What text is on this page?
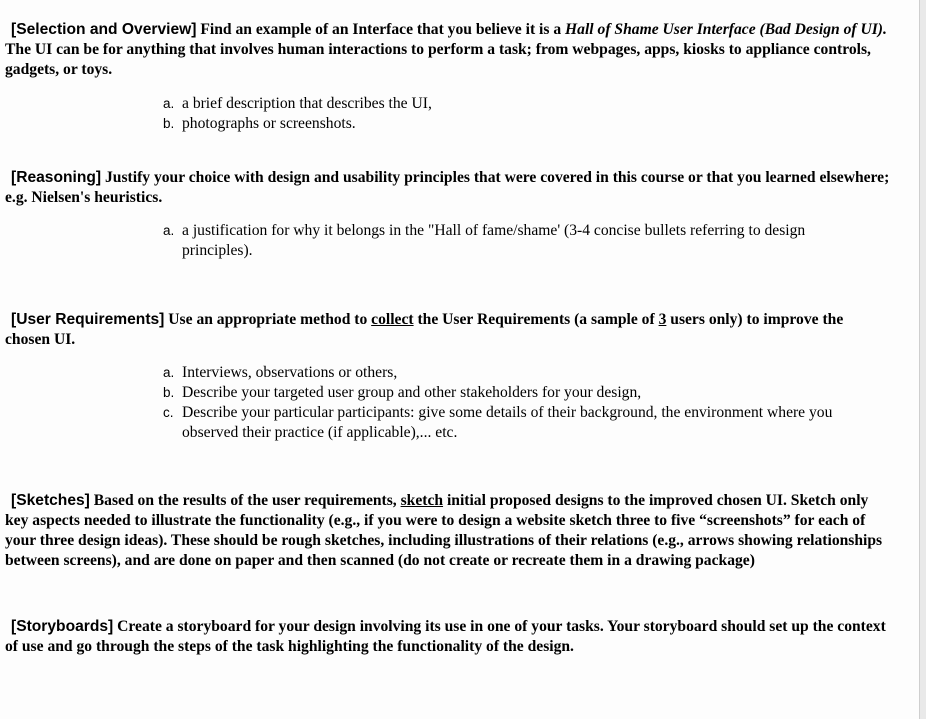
[Selection and Overview] Find an example of an Interface that you believe it is a Hall of Shame User Interface (Bad Design of UI). The UI can be for anything that involves human interactions to perform a task; from webpages, apps, kiosks to appliance controls, gadgets, or toys.
a. a brief description that describes the UI,
b. photographs or screenshots.
[Reasoning] Justify your choice with design and usability principles that were covered in this course or that you learned elsewhere; e.g. Nielsen's heuristics.
a. a justification for why it belongs in the "Hall of fame/shame' (3-4 concise bullets referring to design principles).
[User Requirements] Use an appropriate method to collect the User Requirements (a sample of 3 users only) to improve the chosen UI.
a. Interviews, observations or others,
b. Describe your targeted user group and other stakeholders for your design,
c. Describe your particular participants: give some details of their background, the environment where you observed their practice (if applicable),... etc.
[Sketches] Based on the results of the user requirements, sketch initial proposed designs to the improved chosen UI. Sketch only key aspects needed to illustrate the functionality (e.g., if you were to design a website sketch three to five “screenshots” for each of your three design ideas). These should be rough sketches, including illustrations of their relations (e.g., arrows showing relationships between screens), and are done on paper and then scanned (do not create or recreate them in a drawing package)
[Storyboards] Create a storyboard for your design involving its use in one of your tasks. Your storyboard should set up the context of use and go through the steps of the task highlighting the functionality of the design.
